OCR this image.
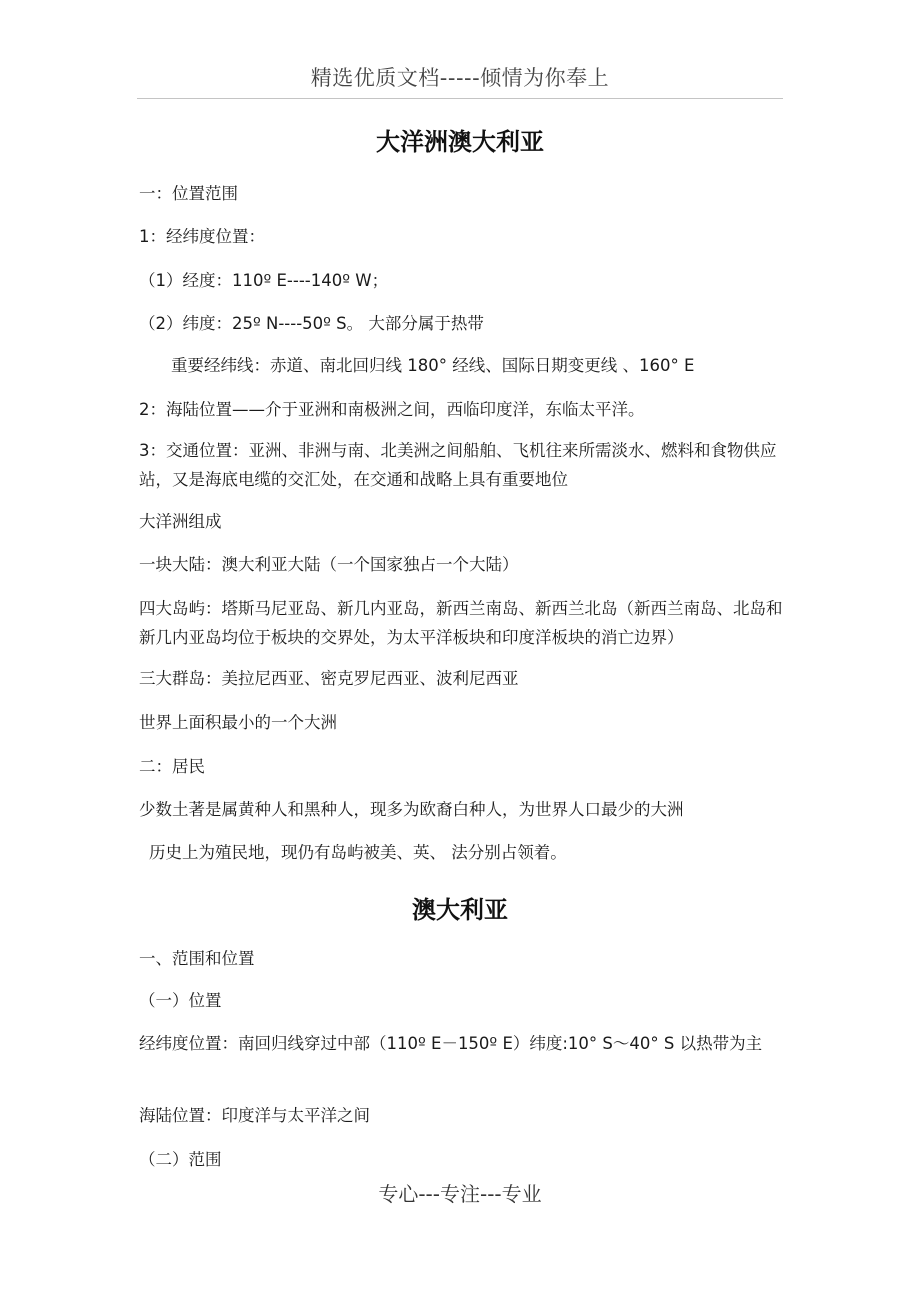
精选优质文档-----倾情为你奉上
大洋洲澳大利亚
一：位置范围
1：经纬度位置：
（1）经度：110º E----140º W；
（2）纬度：25º N----50º S。 大部分属于热带
重要经纬线：赤道、南北回归线 180° 经线、国际日期变更线 、160° E
2：海陆位置——介于亚洲和南极洲之间，西临印度洋，东临太平洋。
3：交通位置：亚洲、非洲与南、北美洲之间船舶、飞机往来所需淡水、燃料和食物供应站，又是海底电缆的交汇处，在交通和战略上具有重要地位
大洋洲组成
一块大陆：澳大利亚大陆（一个国家独占一个大陆）
四大岛屿：塔斯马尼亚岛、新几内亚岛，新西兰南岛、新西兰北岛（新西兰南岛、北岛和新几内亚岛均位于板块的交界处，为太平洋板块和印度洋板块的消亡边界）
三大群岛：美拉尼西亚、密克罗尼西亚、波利尼西亚
世界上面积最小的一个大洲
二：居民
少数土著是属黄种人和黑种人，现多为欧裔白种人，为世界人口最少的大洲
历史上为殖民地，现仍有岛屿被美、英、 法分别占领着。
澳大利亚
一、范围和位置
（一）位置
经纬度位置：南回归线穿过中部（110º E－150º E）纬度:10° S～40° S 以热带为主
海陆位置：印度洋与太平洋之间
（二）范围
专心---专注---专业
